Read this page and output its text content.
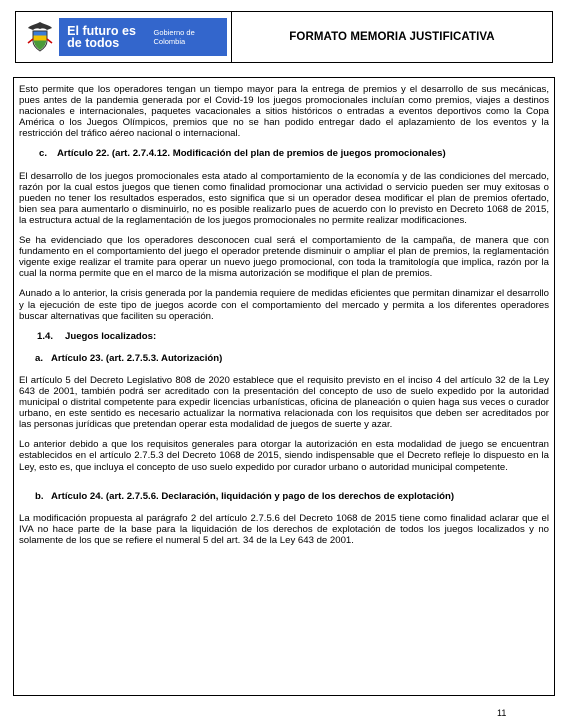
El futuro es de todos
Gobierno de Colombia	FORMATO MEMORIA JUSTIFICATIVA

Esto permite que los operadores tengan un tiempo mayor para la entrega de premios y el desarrollo de sus mecánicas, pues antes de la pandemia generada por el Covid-19 los juegos promocionales incluían como premios, viajes a destinos nacionales e internacionales, paquetes vacacionales a sitios históricos o entradas a eventos deportivos como la Copa América o los Juegos Olímpicos, premios que no se han podido entregar dado el aplazamiento de los eventos y la restricción del tráfico aéreo nacional o internacional.

c. Artículo 22. (art. 2.7.4.12. Modificación del plan de premios de juegos promocionales)

El desarrollo de los juegos promocionales esta atado al comportamiento de la economía y de las condiciones del mercado, razón por la cual estos juegos que tienen como finalidad promocionar una actividad o servicio pueden ser muy exitosas o pueden no tener los resultados esperados, esto significa que si un operador desea modificar el plan de premios ofertado, bien sea para aumentarlo o disminuirlo, no es posible realizarlo pues de acuerdo con lo previsto en Decreto 1068 de 2015, la estructura actual de la reglamentación de los juegos promocionales no permite realizar modificaciones.

Se ha evidenciado que los operadores desconocen cual será el comportamiento de la campaña, de manera que con fundamento en el comportamiento del juego el operador pretende disminuir o ampliar el plan de premios, la reglamentación vigente exige realizar el tramite para operar un nuevo juego promocional, con toda la tramitología que implica, razón por la cual la norma permite que en el marco de la misma autorización se modifique el plan de premios.

Aunado a lo anterior, la crisis generada por la pandemia requiere de medidas eficientes que permitan dinamizar el desarrollo y la ejecución de este tipo de juegos acorde con el comportamiento del mercado y permita a los diferentes operadores buscar alternativas que faciliten su operación.

1.4. Juegos localizados:
a. Artículo 23. (art. 2.7.5.3. Autorización)

El artículo 5 del Decreto Legislativo 808 de 2020 establece que el requisito previsto en el inciso 4 del artículo 32 de la Ley 643 de 2001, también podrá ser acreditado con la presentación del concepto de uso de suelo expedido por la autoridad municipal o distrital competente para expedir licencias urbanísticas, oficina de planeación o quien haga sus veces o curador urbano, en este sentido es necesario actualizar la normativa relacionada con los requisitos que deben ser acreditados por las personas jurídicas que pretendan operar esta modalidad de juegos de suerte y azar.

Lo anterior debido a que los requisitos generales para otorgar la autorización en esta modalidad de juego se encuentran establecidos en el artículo 2.7.5.3 del Decreto 1068 de 2015, siendo indispensable que el Decreto refleje lo dispuesto en la Ley, esto es, que incluya el concepto de uso suelo expedido por curador urbano o autoridad municipal competente.

b. Artículo 24. (art. 2.7.5.6. Declaración, liquidación y pago de los derechos de explotación)

La modificación propuesta al parágrafo 2 del artículo 2.7.5.6 del Decreto 1068 de 2015 tiene como finalidad aclarar que el IVA no hace parte de la base para la liquidación de los derechos de explotación de todos los juegos localizados y no solamente de los que se refiere el numeral 5 del art. 34 de la Ley 643 de 2001.

11
